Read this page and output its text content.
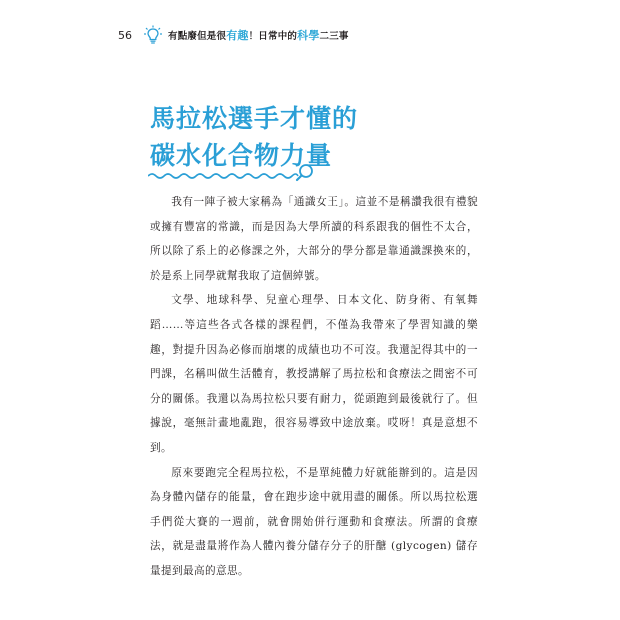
56	有點廢但是很有趣！日常中的科學二三事
馬拉松選手才懂的
碳水化合物力量

我有一陣子被大家稱為「通識女王」。這並不是稱讚我很有禮貌或擁有豐富的常識，而是因為大學所讀的科系跟我的個性不太合，所以除了系上的必修課之外，大部分的學分都是靠通識課換來的，於是系上同學就幫我取了這個綽號。

文學、地球科學、兒童心理學、日本文化、防身術、有氧舞蹈……等這些各式各樣的課程們，不僅為我帶來了學習知識的樂趣，對提升因為必修而崩壞的成績也功不可沒。我還記得其中的一門課，名稱叫做生活體育，教授講解了馬拉松和食療法之間密不可分的關係。我還以為馬拉松只要有耐力，從頭跑到最後就行了。但據說，毫無計畫地亂跑，很容易導致中途放棄。哎呀！真是意想不到。

原來要跑完全程馬拉松，不是單純體力好就能辦到的。這是因為身體內儲存的能量，會在跑步途中就用盡的關係。所以馬拉松選手們從大賽的一週前，就會開始併行運動和食療法。所謂的食療法，就是盡量將作為人體內養分儲存分子的肝醣 (glycogen) 儲存量提到最高的意思。
